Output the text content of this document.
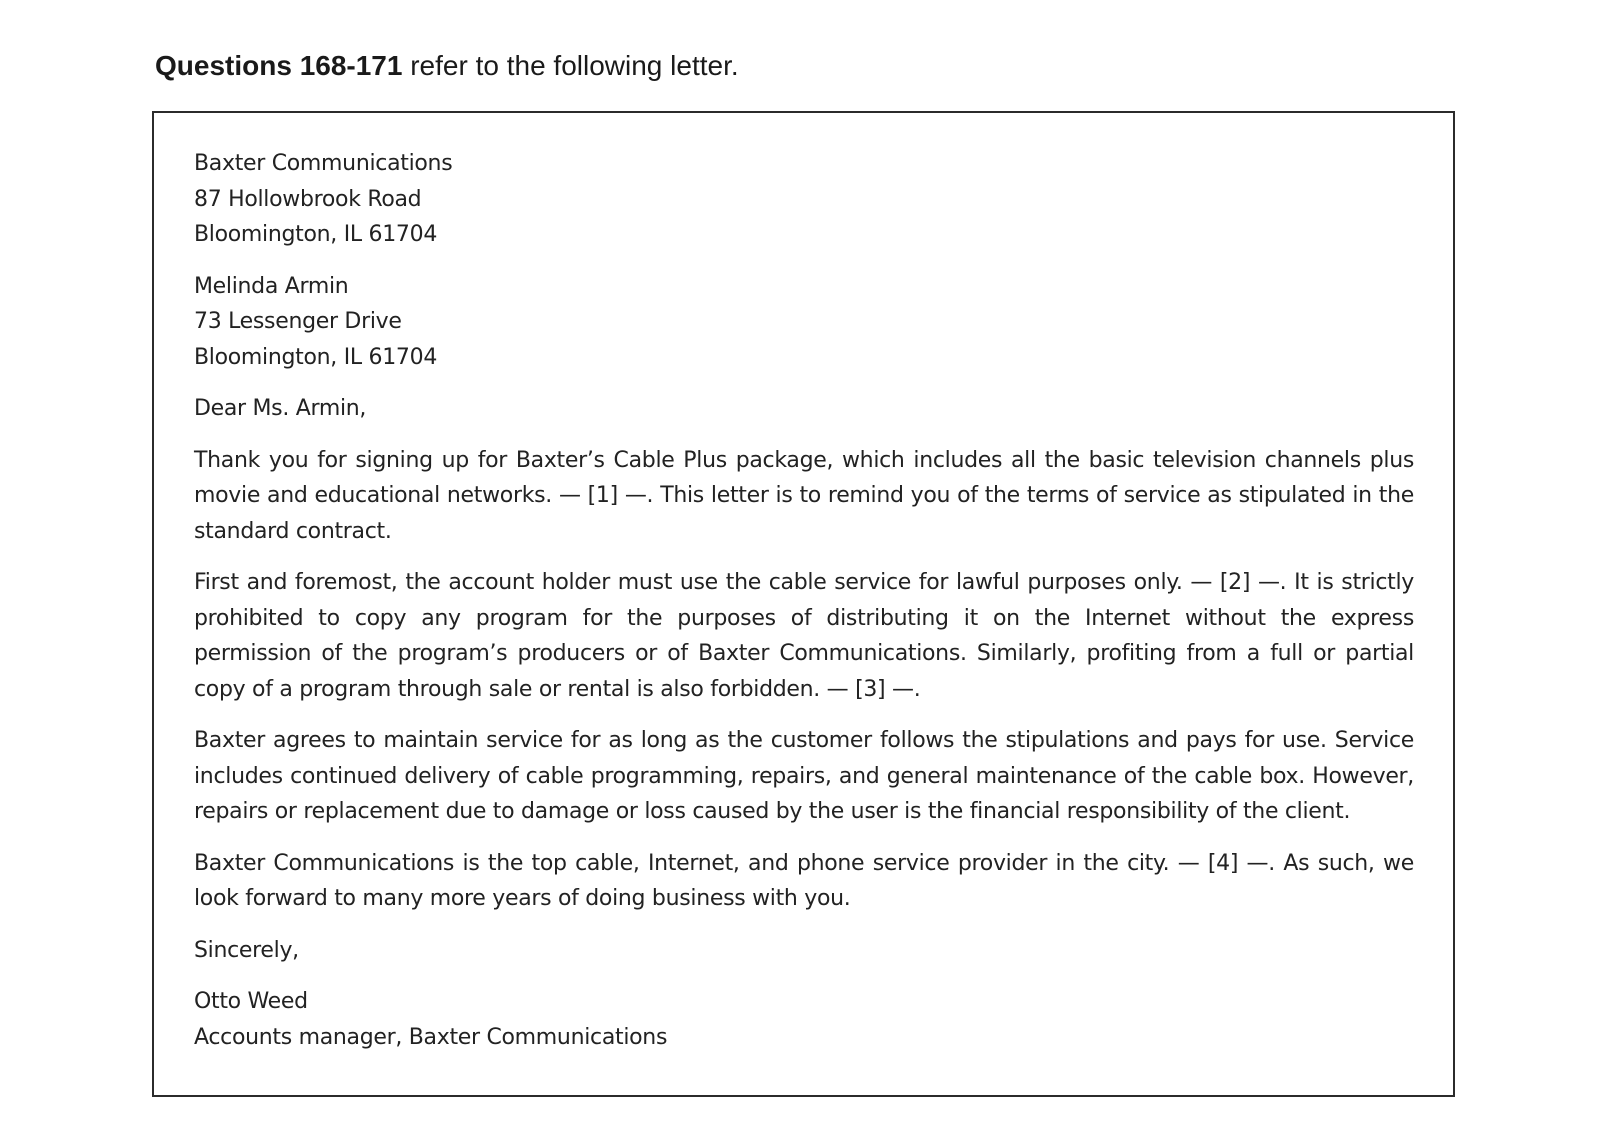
Questions 168-171 refer to the following letter.
Baxter Communications
87 Hollowbrook Road
Bloomington, IL 61704
Melinda Armin
73 Lessenger Drive
Bloomington, IL 61704
Dear Ms. Armin,
Thank you for signing up for Baxter’s Cable Plus package, which includes all the basic television channels plus
movie and educational networks. — [1] —. This letter is to remind you of the terms of service as stipulated in the
standard contract.
First and foremost, the account holder must use the cable service for lawful purposes only. — [2] —. It is strictly
prohibited to copy any program for the purposes of distributing it on the Internet without the express
permission of the program’s producers or of Baxter Communications. Similarly, profiting from a full or partial
copy of a program through sale or rental is also forbidden. — [3] —.
Baxter agrees to maintain service for as long as the customer follows the stipulations and pays for use. Service
includes continued delivery of cable programming, repairs, and general maintenance of the cable box. However,
repairs or replacement due to damage or loss caused by the user is the financial responsibility of the client.
Baxter Communications is the top cable, Internet, and phone service provider in the city. — [4] —. As such, we
look forward to many more years of doing business with you.
Sincerely,
Otto Weed
Accounts manager, Baxter Communications
